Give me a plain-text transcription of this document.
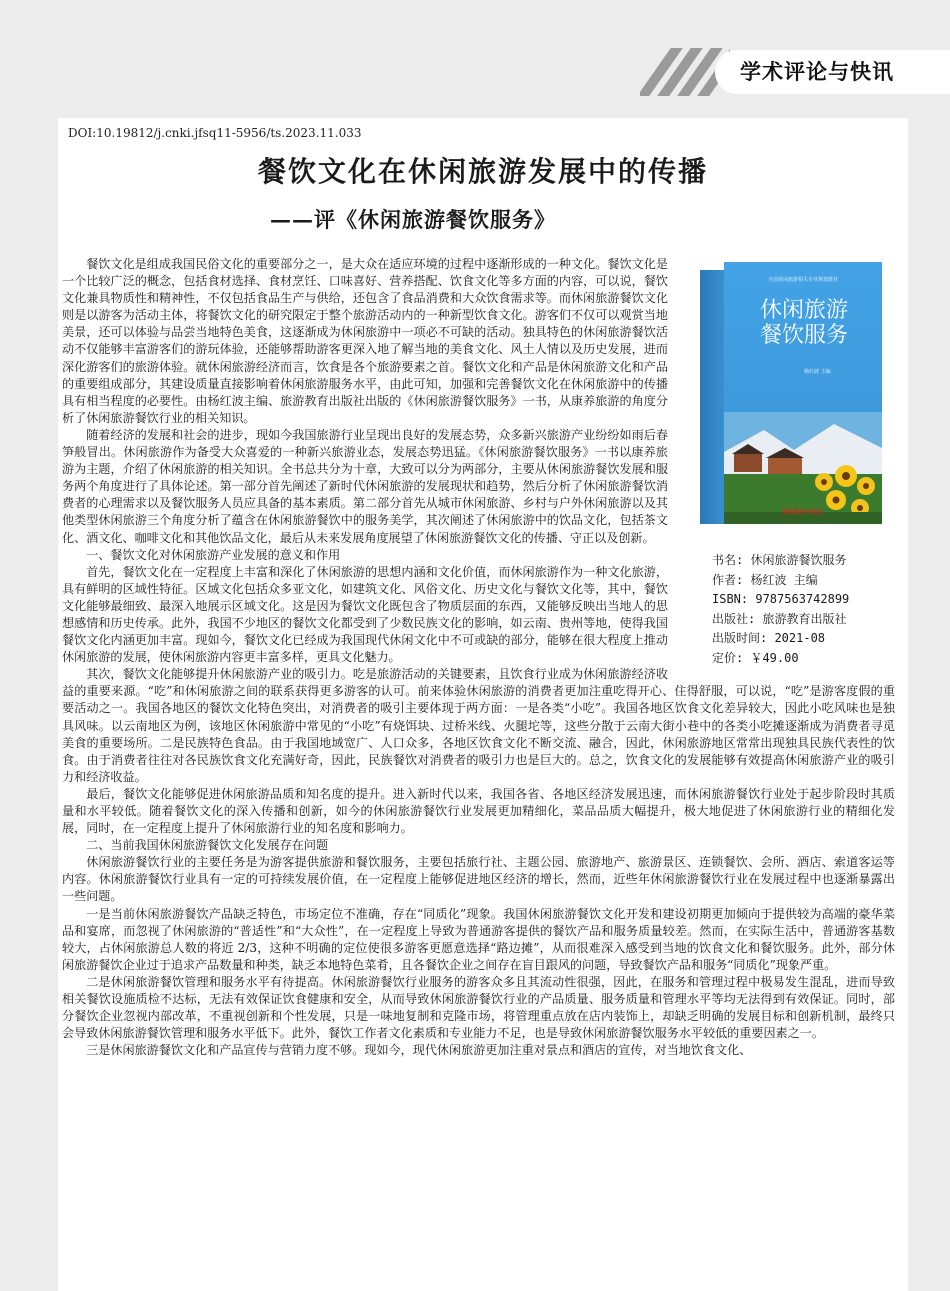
学术评论与快讯
DOI:10.19812/j.cnki.jfsq11-5956/ts.2023.11.033
餐饮文化在休闲旅游发展中的传播
——评《休闲旅游餐饮服务》

餐饮文化是组成我国民俗文化的重要部分之一，是大众在适应环境的过程中逐渐形成的一种文化。餐饮文化是一个比较广泛的概念，包括食材选择、食材烹饪、口味喜好、营养搭配、饮食文化等多方面的内容，可以说，餐饮文化兼具物质性和精神性，不仅包括食品生产与供给，还包含了食品消费和大众饮食需求等。而休闲旅游餐饮文化则是以游客为活动主体，将餐饮文化的研究限定于整个旅游活动内的一种新型饮食文化。游客们不仅可以观赏当地美景，还可以体验与品尝当地特色美食，这逐渐成为休闲旅游中一项必不可缺的活动。独具特色的休闲旅游餐饮活动不仅能够丰富游客们的游玩体验，还能够帮助游客更深入地了解当地的美食文化、风土人情以及历史发展，进而深化游客们的旅游体验。就休闲旅游经济而言，饮食是各个旅游要素之首。餐饮文化和产品是休闲旅游文化和产品的重要组成部分，其建设质量直接影响着休闲旅游服务水平，由此可知，加强和完善餐饮文化在休闲旅游中的传播具有相当程度的必要性。由杨红波主编、旅游教育出版社出版的《休闲旅游餐饮服务》一书，从康养旅游的角度分析了休闲旅游餐饮行业的相关知识。

随着经济的发展和社会的进步，现如今我国旅游行业呈现出良好的发展态势，众多新兴旅游产业纷纷如雨后春笋般冒出。休闲旅游作为备受大众喜爱的一种新兴旅游业态，发展态势迅猛。《休闲旅游餐饮服务》一书以康养旅游为主题，介绍了休闲旅游的相关知识。全书总共分为十章，大致可以分为两部分，主要从休闲旅游餐饮发展和服务两个角度进行了具体论述。第一部分首先阐述了新时代休闲旅游的发展现状和趋势，然后分析了休闲旅游餐饮消费者的心理需求以及餐饮服务人员应具备的基本素质。第二部分首先从城市休闲旅游、乡村与户外休闲旅游以及其他类型休闲旅游三个角度分析了蕴含在休闲旅游餐饮中的服务美学，其次阐述了休闲旅游中的饮品文化，包括茶文化、酒文化、咖啡文化和其他饮品文化，最后从未来发展角度展望了休闲旅游餐饮文化的传播、守正以及创新。

一、餐饮文化对休闲旅游产业发展的意义和作用

首先，餐饮文化在一定程度上丰富和深化了休闲旅游的思想内涵和文化价值，而休闲旅游作为一种文化旅游，具有鲜明的区域性特征。区域文化包括众多亚文化，如建筑文化、风俗文化、历史文化与餐饮文化等，其中，餐饮文化能够最细致、最深入地展示区域文化。这是因为餐饮文化既包含了物质层面的东西，又能够反映出当地人的思想感情和历史传承。此外，我国不少地区的餐饮文化都受到了少数民族文化的影响，如云南、贵州等地，使得我国餐饮文化内涵更加丰富。现如今，餐饮文化已经成为我国现代休闲文化中不可或缺的部分，能够在很大程度上推动休闲旅游的发展，使休闲旅游内容更丰富多样，更具文化魅力。

其次，餐饮文化能够提升休闲旅游产业的吸引力。吃是旅游活动的关键要素，且饮食行业成为休闲旅游经济收益的重要来源。“吃”和休闲旅游之间的联系获得更多游客的认可。前来体验休闲旅游的消费者更加注重吃得开心、住得舒服，可以说，“吃”是游客度假的重要活动之一。我国各地区的餐饮文化特色突出，对消费者的吸引主要体现于两方面：一是各类“小吃”。我国各地区饮食文化差异较大，因此小吃风味也是独具风味。以云南地区为例，该地区休闲旅游中常见的“小吃”有烧饵块、过桥米线、火腿坨等，这些分散于云南大街小巷中的各类小吃摊逐渐成为消费者寻觅美食的重要场所。二是民族特色食品。由于我国地域宽广、人口众多，各地区饮食文化不断交流、融合，因此，休闲旅游地区常常出现独具民族代表性的饮食。由于消费者往往对各民族饮食文化充满好奇，因此，民族餐饮对消费者的吸引力也是巨大的。总之，饮食文化的发展能够有效提高休闲旅游产业的吸引力和经济收益。

最后，餐饮文化能够促进休闲旅游品质和知名度的提升。进入新时代以来，我国各省、各地区经济发展迅速，而休闲旅游餐饮行业处于起步阶段时其质量和水平较低。随着餐饮文化的深入传播和创新，如今的休闲旅游餐饮行业发展更加精细化，菜品品质大幅提升，极大地促进了休闲旅游行业的精细化发展，同时，在一定程度上提升了休闲旅游行业的知名度和影响力。

二、当前我国休闲旅游餐饮文化发展存在问题

休闲旅游餐饮行业的主要任务是为游客提供旅游和餐饮服务，主要包括旅行社、主题公园、旅游地产、旅游景区、连锁餐饮、会所、酒店、索道客运等内容。休闲旅游餐饮行业具有一定的可持续发展价值，在一定程度上能够促进地区经济的增长，然而，近些年休闲旅游餐饮行业在发展过程中也逐渐暴露出一些问题。

一是当前休闲旅游餐饮产品缺乏特色，市场定位不准确，存在“同质化”现象。我国休闲旅游餐饮文化开发和建设初期更加倾向于提供较为高端的豪华菜品和宴席，而忽视了休闲旅游的“普适性”和“大众性”，在一定程度上导致为普通游客提供的餐饮产品和服务质量较差。然而，在实际生活中，普通游客基数较大，占休闲旅游总人数的将近 2/3，这种不明确的定位使很多游客更愿意选择“路边摊”，从而很难深入感受到当地的饮食文化和餐饮服务。此外，部分休闲旅游餐饮企业过于追求产品数量和种类，缺乏本地特色菜肴，且各餐饮企业之间存在盲目跟风的问题，导致餐饮产品和服务“同质化”现象严重。

二是休闲旅游餐饮管理和服务水平有待提高。休闲旅游餐饮行业服务的游客众多且其流动性很强，因此，在服务和管理过程中极易发生混乱，进而导致相关餐饮设施质检不达标，无法有效保证饮食健康和安全，从而导致休闲旅游餐饮行业的产品质量、服务质量和管理水平等均无法得到有效保证。同时，部分餐饮企业忽视内部改革，不重视创新和个性发展，只是一味地复制和克隆市场，将管理重点放在店内装饰上，却缺乏明确的发展目标和创新机制，最终只会导致休闲旅游餐饮管理和服务水平低下。此外，餐饮工作者文化素质和专业能力不足，也是导致休闲旅游餐饮服务水平较低的重要因素之一。

三是休闲旅游餐饮文化和产品宣传与营销力度不够。现如今，现代休闲旅游更加注重对景点和酒店的宣传，对当地饮食文化、

全国休闲旅游相关专业规划教材
休闲旅游
餐饮服务
杨红波 主编
旅游教育出版社
书名: 休闲旅游餐饮服务
作者: 杨红波 主编
ISBN: 9787563742899
出版社: 旅游教育出版社
出版时间: 2021-08
定价: ￥49.00
